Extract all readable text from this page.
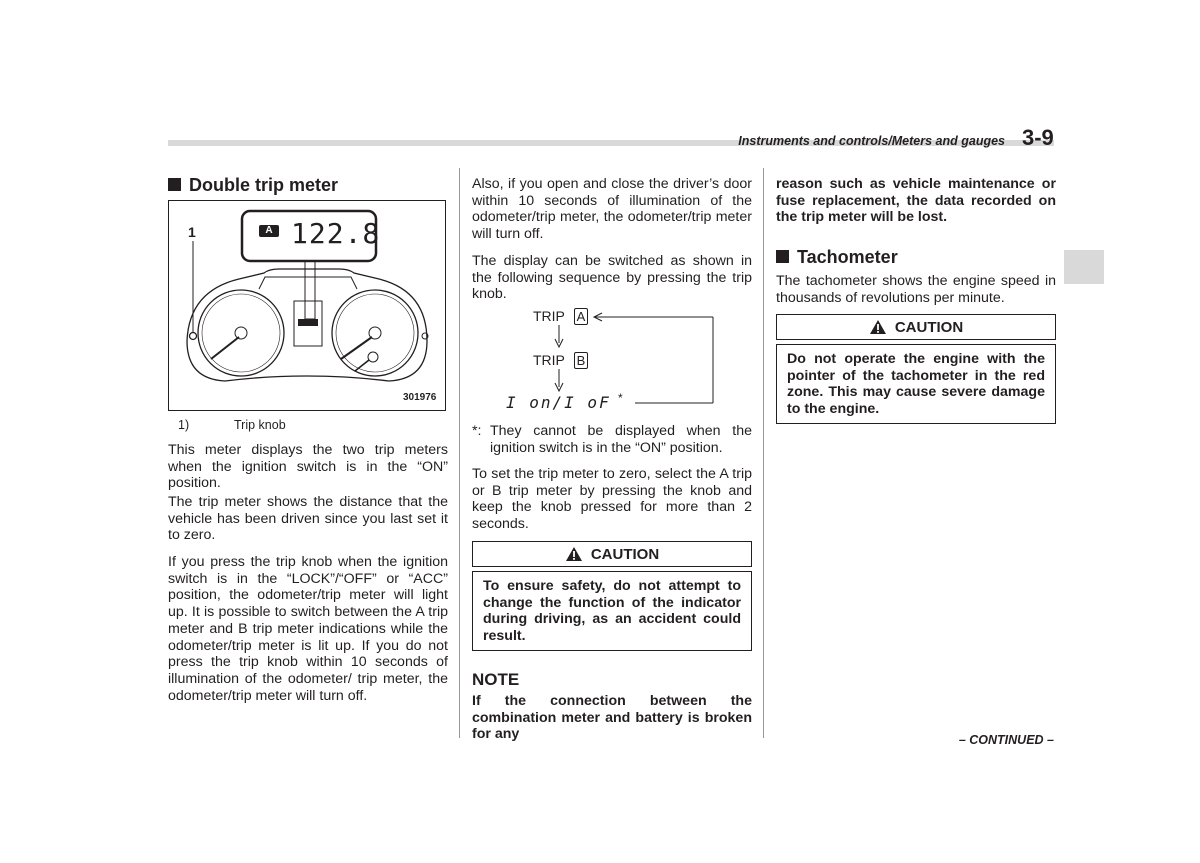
Instruments and controls/Meters and gauges 3-9
Double trip meter
1	A 122.8
301976
1)	Trip knob

This meter displays the two trip meters when the ignition switch is in the “ON” position.

The trip meter shows the distance that the vehicle has been driven since you last set it to zero.

If you press the trip knob when the ignition switch is in the “LOCK”/“OFF” or “ACC” position, the odometer/trip meter will light up. It is possible to switch between the A trip meter and B trip meter indications while the odometer/trip meter is lit up. If you do not press the trip knob within 10 seconds of illumination of the odometer/ trip meter, the odometer/trip meter will turn off.

Also, if you open and close the driver’s door within 10 seconds of illumination of the odometer/trip meter, the odometer/trip meter will turn off.

The display can be switched as shown in the following sequence by pressing the trip knob.

TRIP A
TRIP B
I on/I oF *
*: They cannot be displayed when the ignition switch is in the “ON” position.

To set the trip meter to zero, select the A trip or B trip meter by pressing the knob and keep the knob pressed for more than 2 seconds.

CAUTION
To ensure safety, do not attempt to change the function of the indicator during driving, as an accident could result.

NOTE

If the connection between the combination meter and battery is broken for any

reason such as vehicle maintenance or fuse replacement, the data recorded on the trip meter will be lost.

Tachometer

The tachometer shows the engine speed in thousands of revolutions per minute.

CAUTION
Do not operate the engine with the pointer of the tachometer in the red zone. This may cause severe damage to the engine.
– CONTINUED –
